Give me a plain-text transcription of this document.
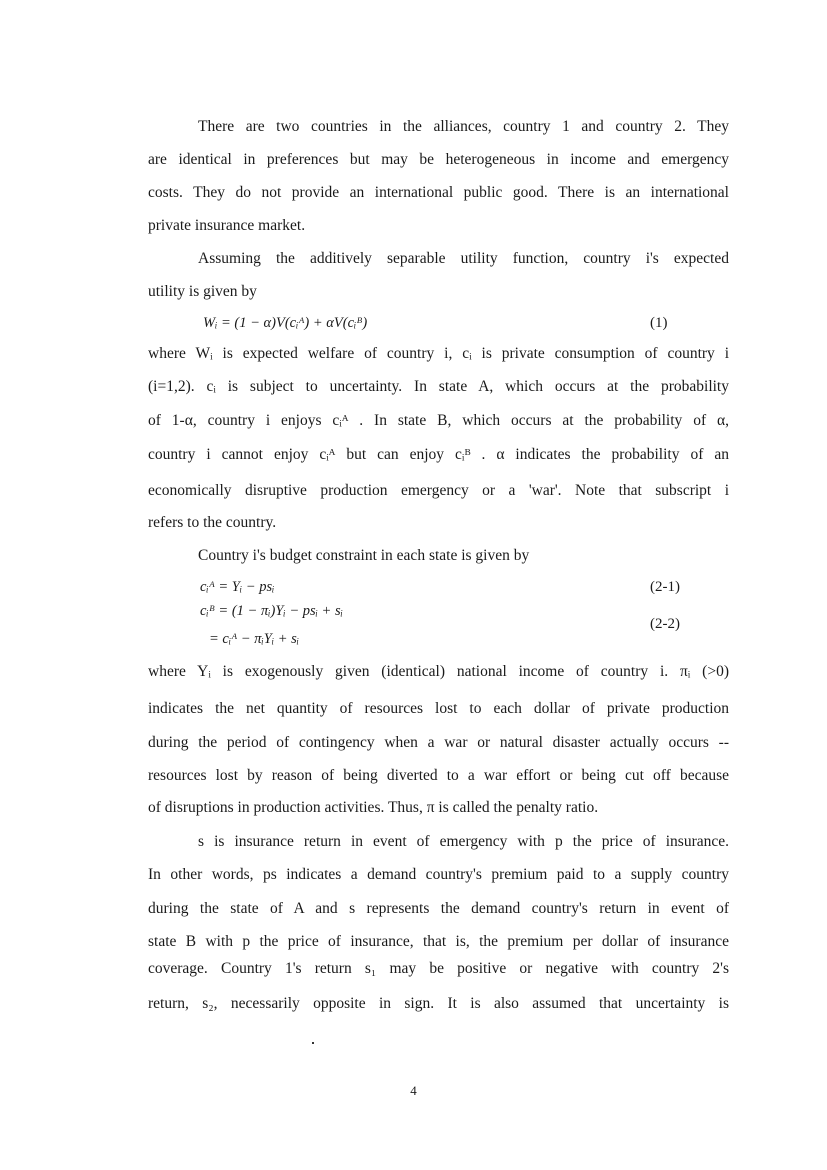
There are two countries in the alliances, country 1 and country 2. They
are identical in preferences but may be heterogeneous in income and emergency
costs. They do not provide an international public good. There is an international
private insurance market.
Assuming the additively separable utility function, country i's expected
utility is given by
Wᵢ = (1 − α)V(cᵢᴬ) + αV(cᵢᴮ)	(1)
where Wᵢ is expected welfare of country i, cᵢ is private consumption of country i
(i=1,2). cᵢ is subject to uncertainty. In state A, which occurs at the probability
of 1-α, country i enjoys cᵢᴬ . In state B, which occurs at the probability of α,
country i cannot enjoy cᵢᴬ but can enjoy cᵢᴮ . α indicates the probability of an
economically disruptive production emergency or a 'war'. Note that subscript i
refers to the country.
Country i's budget constraint in each state is given by
cᵢᴬ = Yᵢ − psᵢ	(2-1)
cᵢᴮ = (1 − πᵢ)Yᵢ − psᵢ + sᵢ
= cᵢᴬ − πᵢYᵢ + sᵢ
(2-2)
where Yᵢ is exogenously given (identical) national income of country i. πᵢ (>0)
indicates the net quantity of resources lost to each dollar of private production
during the period of contingency when a war or natural disaster actually occurs --
resources lost by reason of being diverted to a war effort or being cut off because
of disruptions in production activities. Thus, π is called the penalty ratio.
s is insurance return in event of emergency with p the price of insurance.
In other words, ps indicates a demand country's premium paid to a supply country
during the state of A and s represents the demand country's return in event of
state B with p the price of insurance, that is, the premium per dollar of insurance
coverage. Country 1's return s₁ may be positive or negative with country 2's
return, s₂, necessarily opposite in sign. It is also assumed that uncertainty is
4
